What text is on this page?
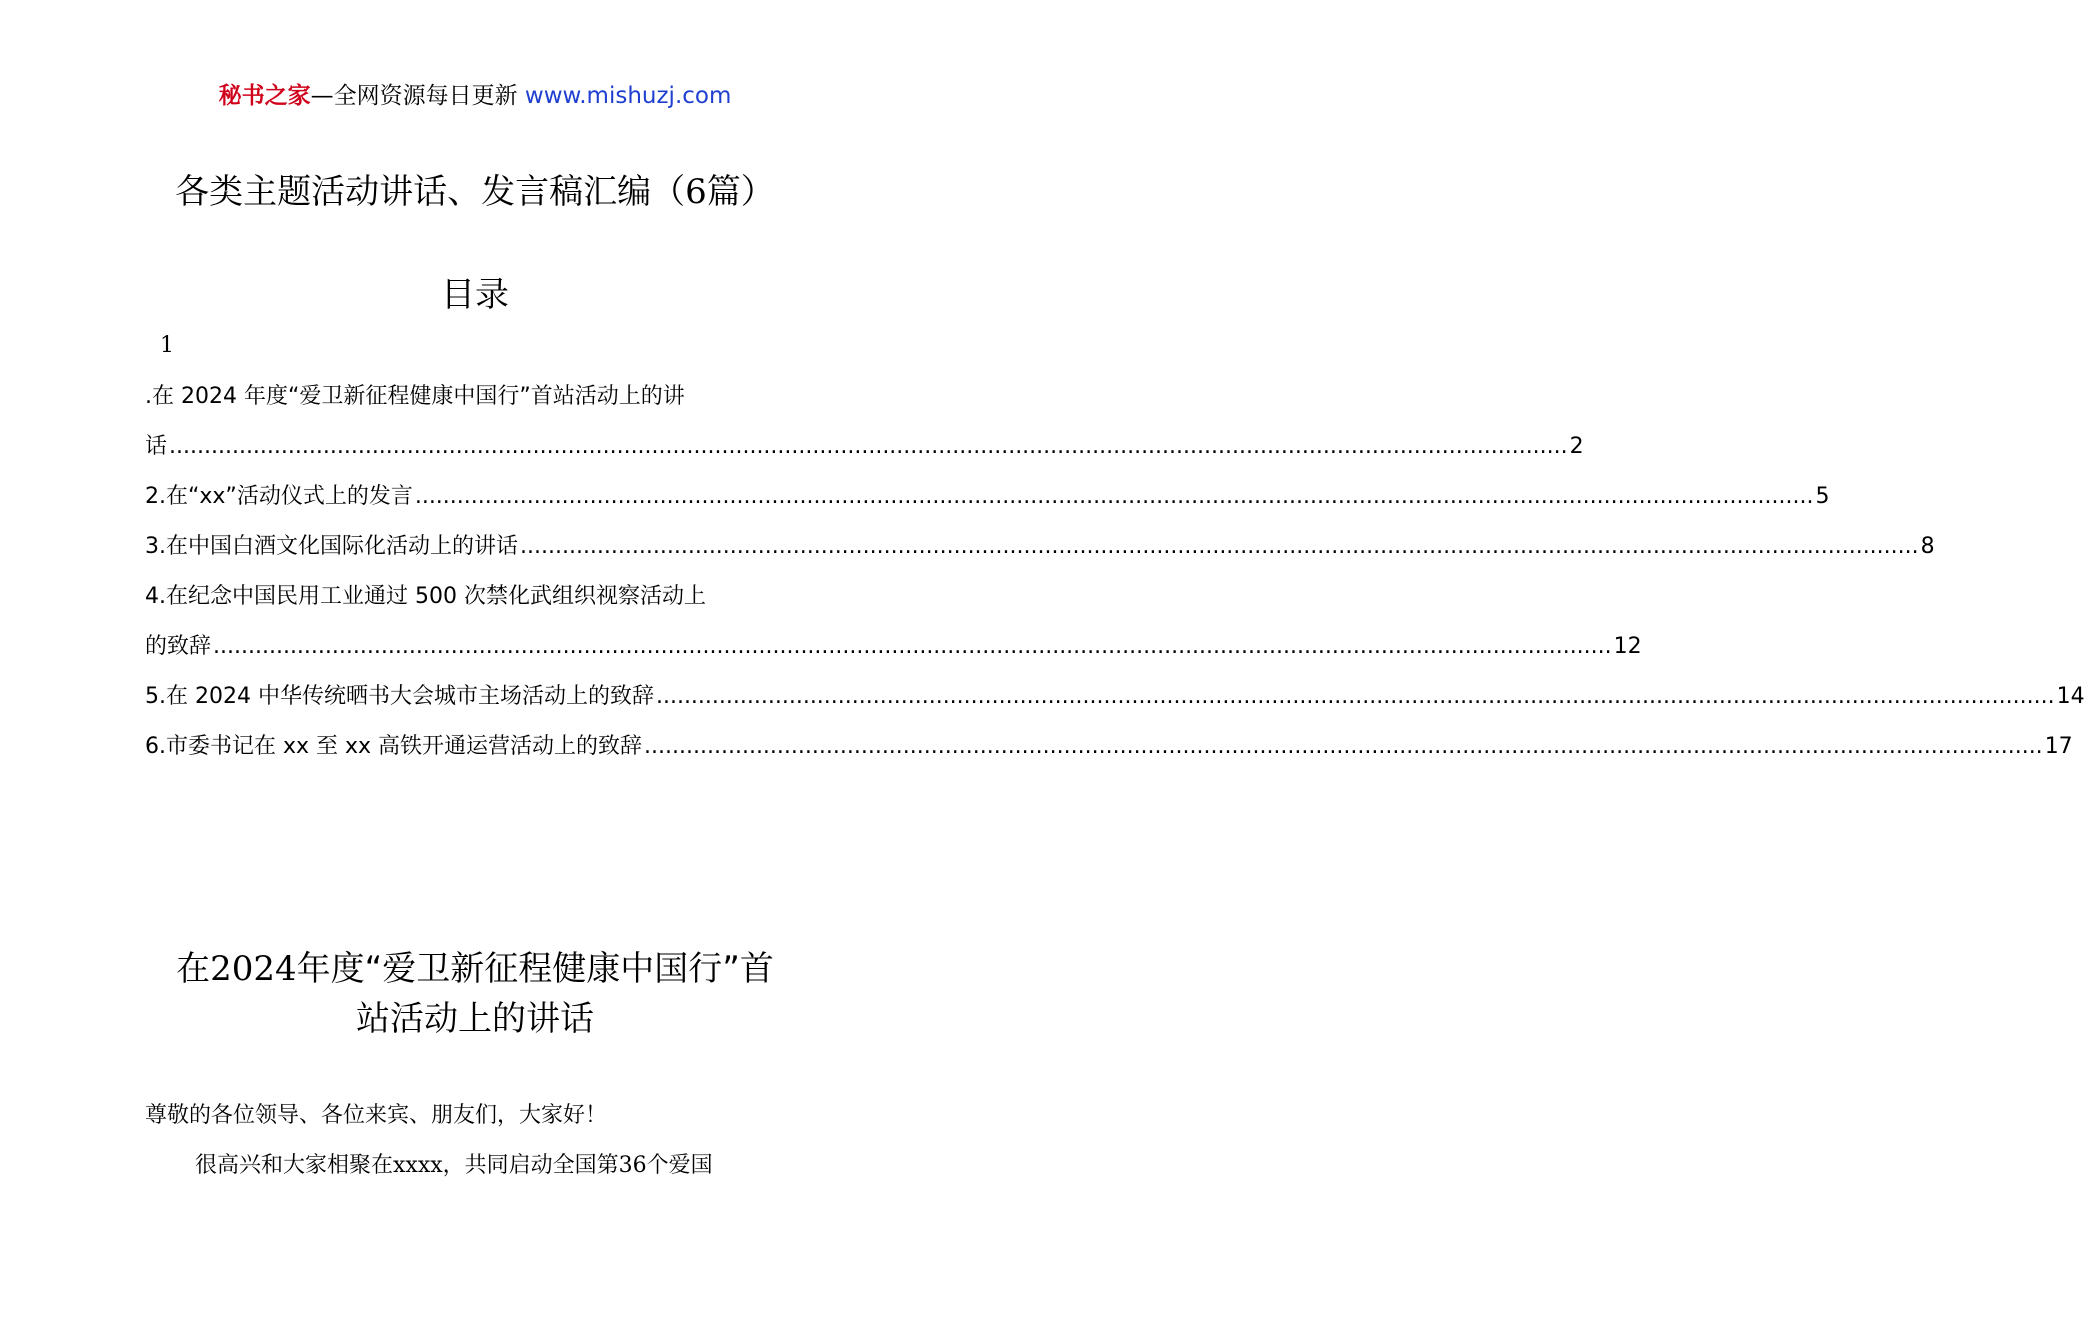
秘书之家—全网资源每日更新 www.mishuzj.com
各类主题活动讲话、发言稿汇编（6篇）
目录
1
.在 2024 年度“爱卫新征程健康中国行”首站活动上的讲
话 ........................................................................................................................................................................................................ 2
2.在“xx”活动仪式上的发言 ........................................................................................................................................................................................................ 5
3.在中国白酒文化国际化活动上的讲话 ........................................................................................................................................................................................................ 8
4.在纪念中国民用工业通过 500 次禁化武组织视察活动上
的致辞 ........................................................................................................................................................................................................ 12
5.在 2024 中华传统晒书大会城市主场活动上的致辞 ........................................................................................................................................................................................................ 14
6.市委书记在 xx 至 xx 高铁开通运营活动上的致辞 ........................................................................................................................................................................................................ 17
在2024年度“爱卫新征程健康中国行”首
站活动上的讲话
尊敬的各位领导、各位来宾、朋友们，大家好！
很高兴和大家相聚在xxxx，共同启动全国第36个爱国
